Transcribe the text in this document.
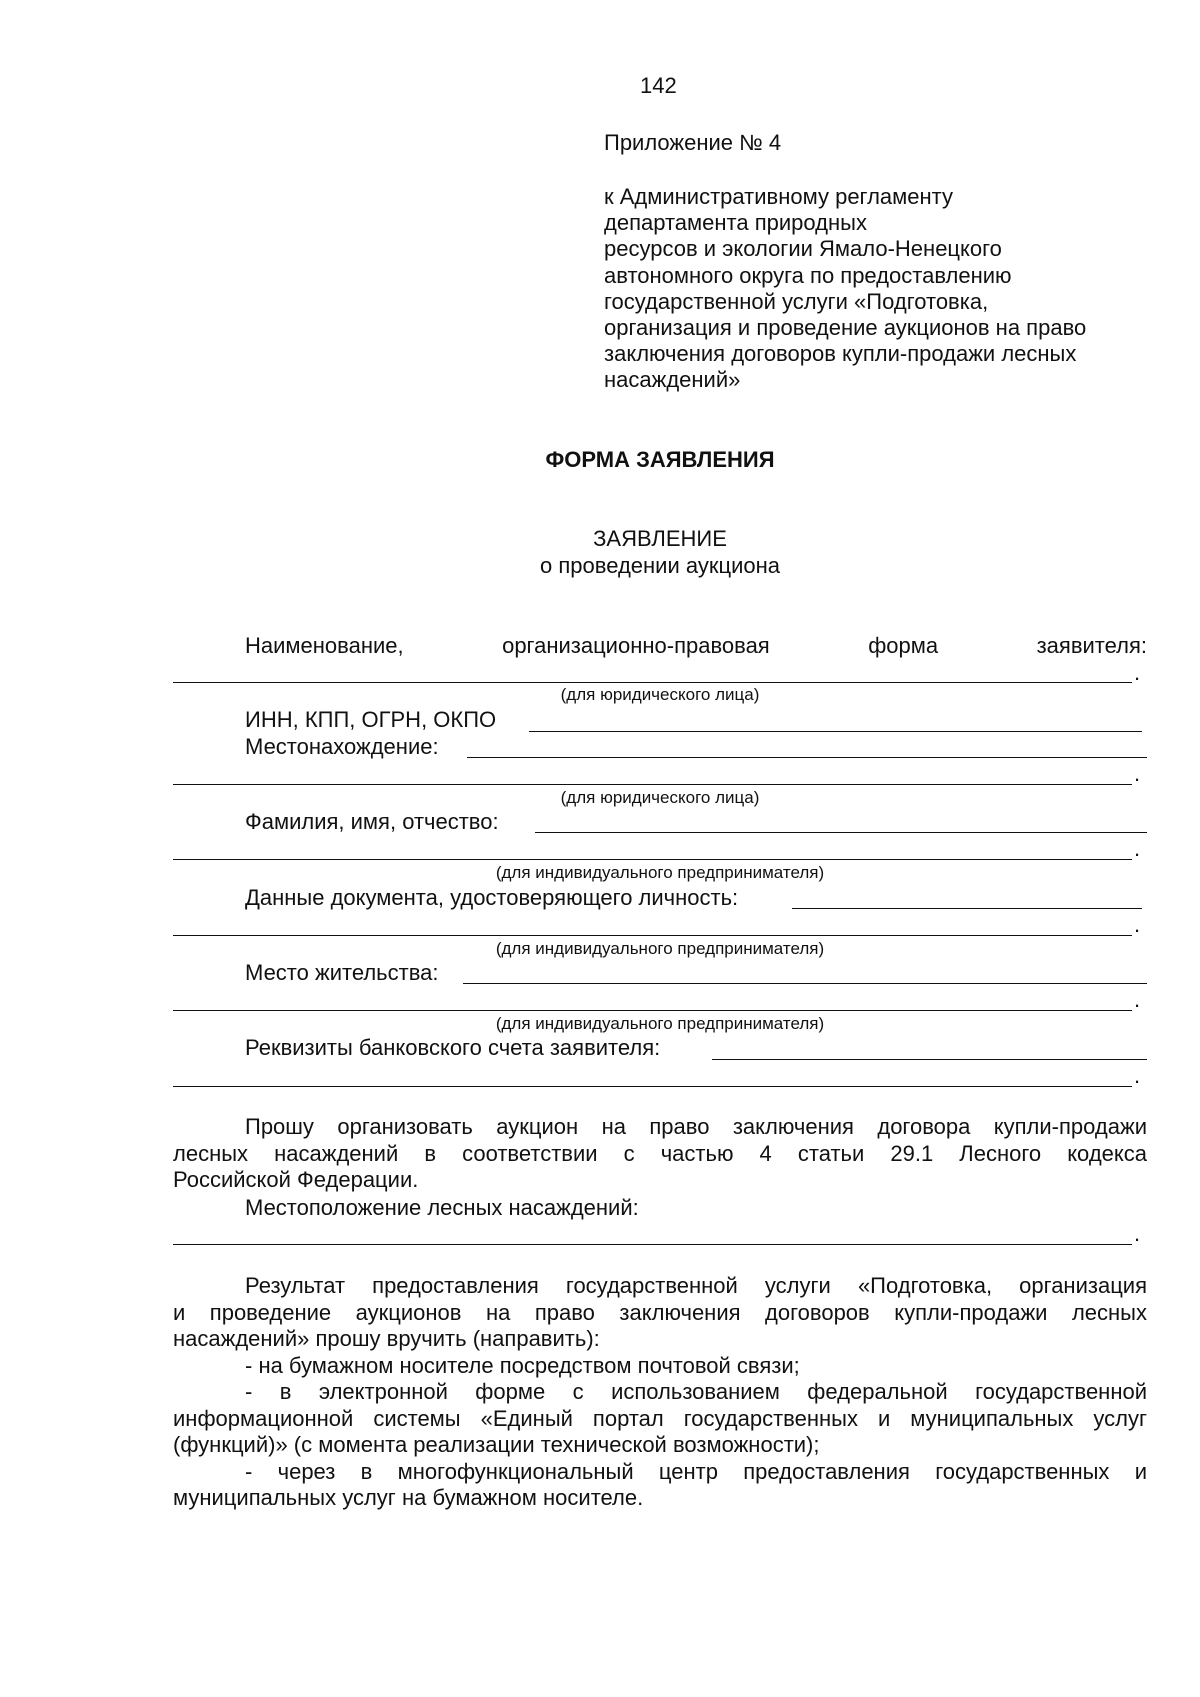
142
Приложение № 4
к Административному регламенту
департамента природных
ресурсов и экологии Ямало-Ненецкого
автономного округа по предоставлению
государственной услуги «Подготовка,
организация и проведение аукционов на право
заключения договоров купли-продажи лесных
насаждений»
ФОРМА ЗАЯВЛЕНИЯ
ЗАЯВЛЕНИЕ
о проведении аукциона
Наименование,	организационно-правовая	форма	заявителя:
.
(для юридического лица)
ИНН, КПП, ОГРН, ОКПО
Местонахождение:
.
(для юридического лица)
Фамилия, имя, отчество:
.
(для индивидуального предпринимателя)
Данные документа, удостоверяющего личность:
.
(для индивидуального предпринимателя)
Место жительства:
.
(для индивидуального предпринимателя)
Реквизиты банковского счета заявителя:
.
Прошу организовать аукцион на право заключения договора купли-продажи
лесных насаждений в соответствии с частью 4 статьи 29.1 Лесного кодекса
Российской Федерации.
Местоположение лесных насаждений:
.
Результат предоставления государственной услуги «Подготовка, организация
и проведение аукционов на право заключения договоров купли-продажи лесных
насаждений» прошу вручить (направить):
- на бумажном носителе посредством почтовой связи;
- в электронной форме с использованием федеральной государственной
информационной системы «Единый портал государственных и муниципальных услуг
(функций)» (с момента реализации технической возможности);
- через в многофункциональный центр предоставления государственных и
муниципальных услуг на бумажном носителе.
